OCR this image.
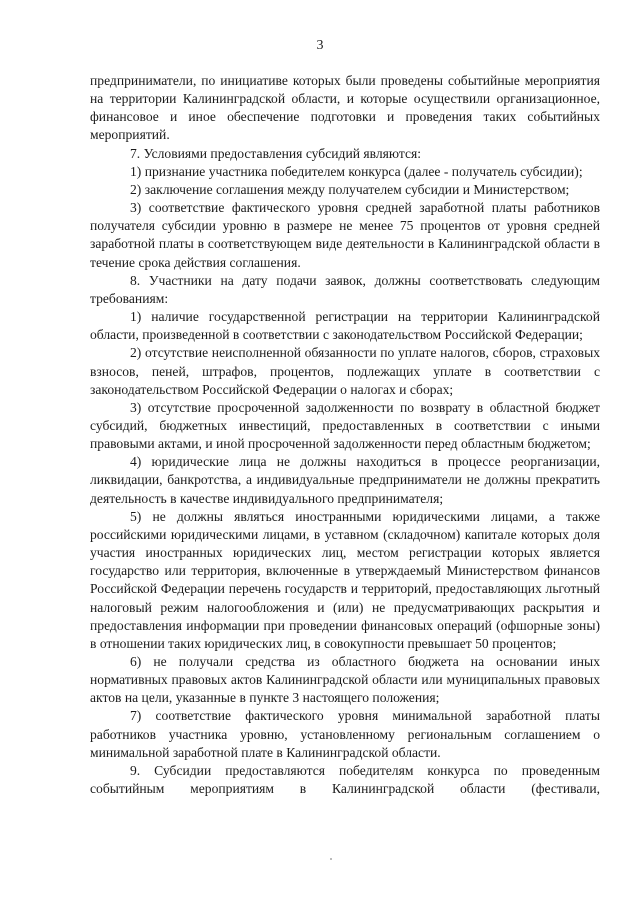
3

предприниматели, по инициативе которых были проведены событийные мероприятия на территории Калининградской области, и которые осуществили организационное, финансовое и иное обеспечение подготовки и проведения таких событийных мероприятий.

7. Условиями предоставления субсидий являются:

1) признание участника победителем конкурса (далее - получатель субсидии);

2) заключение соглашения между получателем субсидии и Министерством;

3) соответствие фактического уровня средней заработной платы работников получателя субсидии уровню в размере не менее 75 процентов от уровня средней заработной платы в соответствующем виде деятельности в Калининградской области в течение срока действия соглашения.

8. Участники на дату подачи заявок, должны соответствовать следующим требованиям:

1) наличие государственной регистрации на территории Калининградской области, произведенной в соответствии с законодательством Российской Федерации;

2) отсутствие неисполненной обязанности по уплате налогов, сборов, страховых взносов, пеней, штрафов, процентов, подлежащих уплате в соответствии с законодательством Российской Федерации о налогах и сборах;

3) отсутствие просроченной задолженности по возврату в областной бюджет субсидий, бюджетных инвестиций, предоставленных в соответствии с иными правовыми актами, и иной просроченной задолженности перед областным бюджетом;

4) юридические лица не должны находиться в процессе реорганизации, ликвидации, банкротства, а индивидуальные предприниматели не должны прекратить деятельность в качестве индивидуального предпринимателя;

5) не должны являться иностранными юридическими лицами, а также российскими юридическими лицами, в уставном (складочном) капитале которых доля участия иностранных юридических лиц, местом регистрации которых является государство или территория, включенные в утверждаемый Министерством финансов Российской Федерации перечень государств и территорий, предоставляющих льготный налоговый режим налогообложения и (или) не предусматривающих раскрытия и предоставления информации при проведении финансовых операций (офшорные зоны) в отношении таких юридических лиц, в совокупности превышает 50 процентов;

6) не получали средства из областного бюджета на основании иных нормативных правовых актов Калининградской области или муниципальных правовых актов на цели, указанные в пункте 3 настоящего положения;

7) соответствие фактического уровня минимальной заработной платы работников участника уровню, установленному региональным соглашением о минимальной заработной плате в Калининградской области.

9. Субсидии предоставляются победителям конкурса по проведенным событийным мероприятиям в Калининградской области (фестивали,
